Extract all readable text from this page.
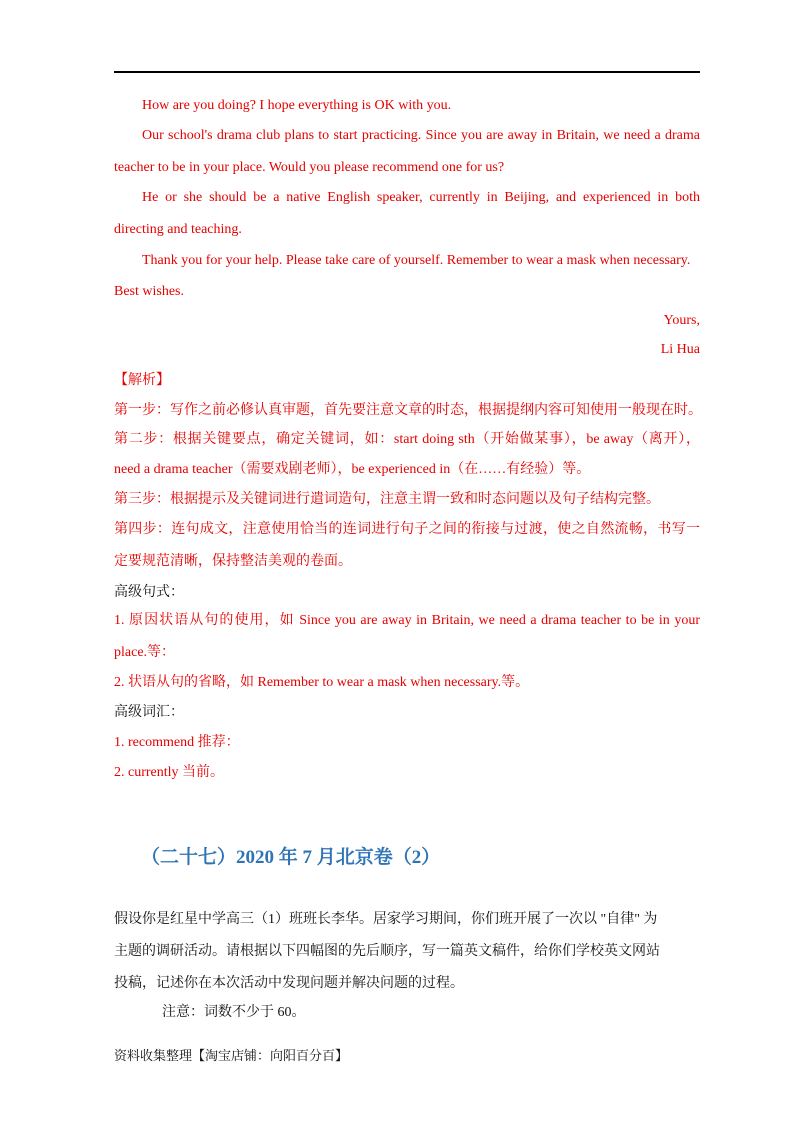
How are you doing? I hope everything is OK with you.
Our school's drama club plans to start practicing. Since you are away in Britain, we need a drama
teacher to be in your place. Would you please recommend one for us?
He or she should be a native English speaker, currently in Beijing, and experienced in both
directing and teaching.
Thank you for your help. Please take care of yourself. Remember to wear a mask when necessary.
Best wishes.
Yours,
Li Hua
【解析】
第一步：写作之前必修认真审题，首先要注意文章的时态，根据提纲内容可知使用一般现在时。
第二步：根据关键要点，确定关键词，如：start doing sth（开始做某事），be away（离开），
need a drama teacher（需要戏剧老师），be experienced in（在……有经验）等。
第三步：根据提示及关键词进行遣词造句，注意主谓一致和时态问题以及句子结构完整。
第四步：连句成文，注意使用恰当的连词进行句子之间的衔接与过渡，使之自然流畅，书写一
定要规范清晰，保持整洁美观的卷面。
高级句式：
1. 原因状语从句的使用，如 Since you are away in Britain, we need a drama teacher to be in your
place.等：
2. 状语从句的省略，如 Remember to wear a mask when necessary.等。
高级词汇：
1. recommend 推荐：
2. currently 当前。
（二十七）2020 年 7 月北京卷（2）
假设你是红星中学高三（1）班班长李华。居家学习期间，你们班开展了一次以 "自律" 为
主题的调研活动。请根据以下四幅图的先后顺序，写一篇英文稿件，给你们学校英文网站
投稿，记述你在本次活动中发现问题并解决问题的过程。
注意：词数不少于 60。
资料收集整理【淘宝店铺：向阳百分百】
